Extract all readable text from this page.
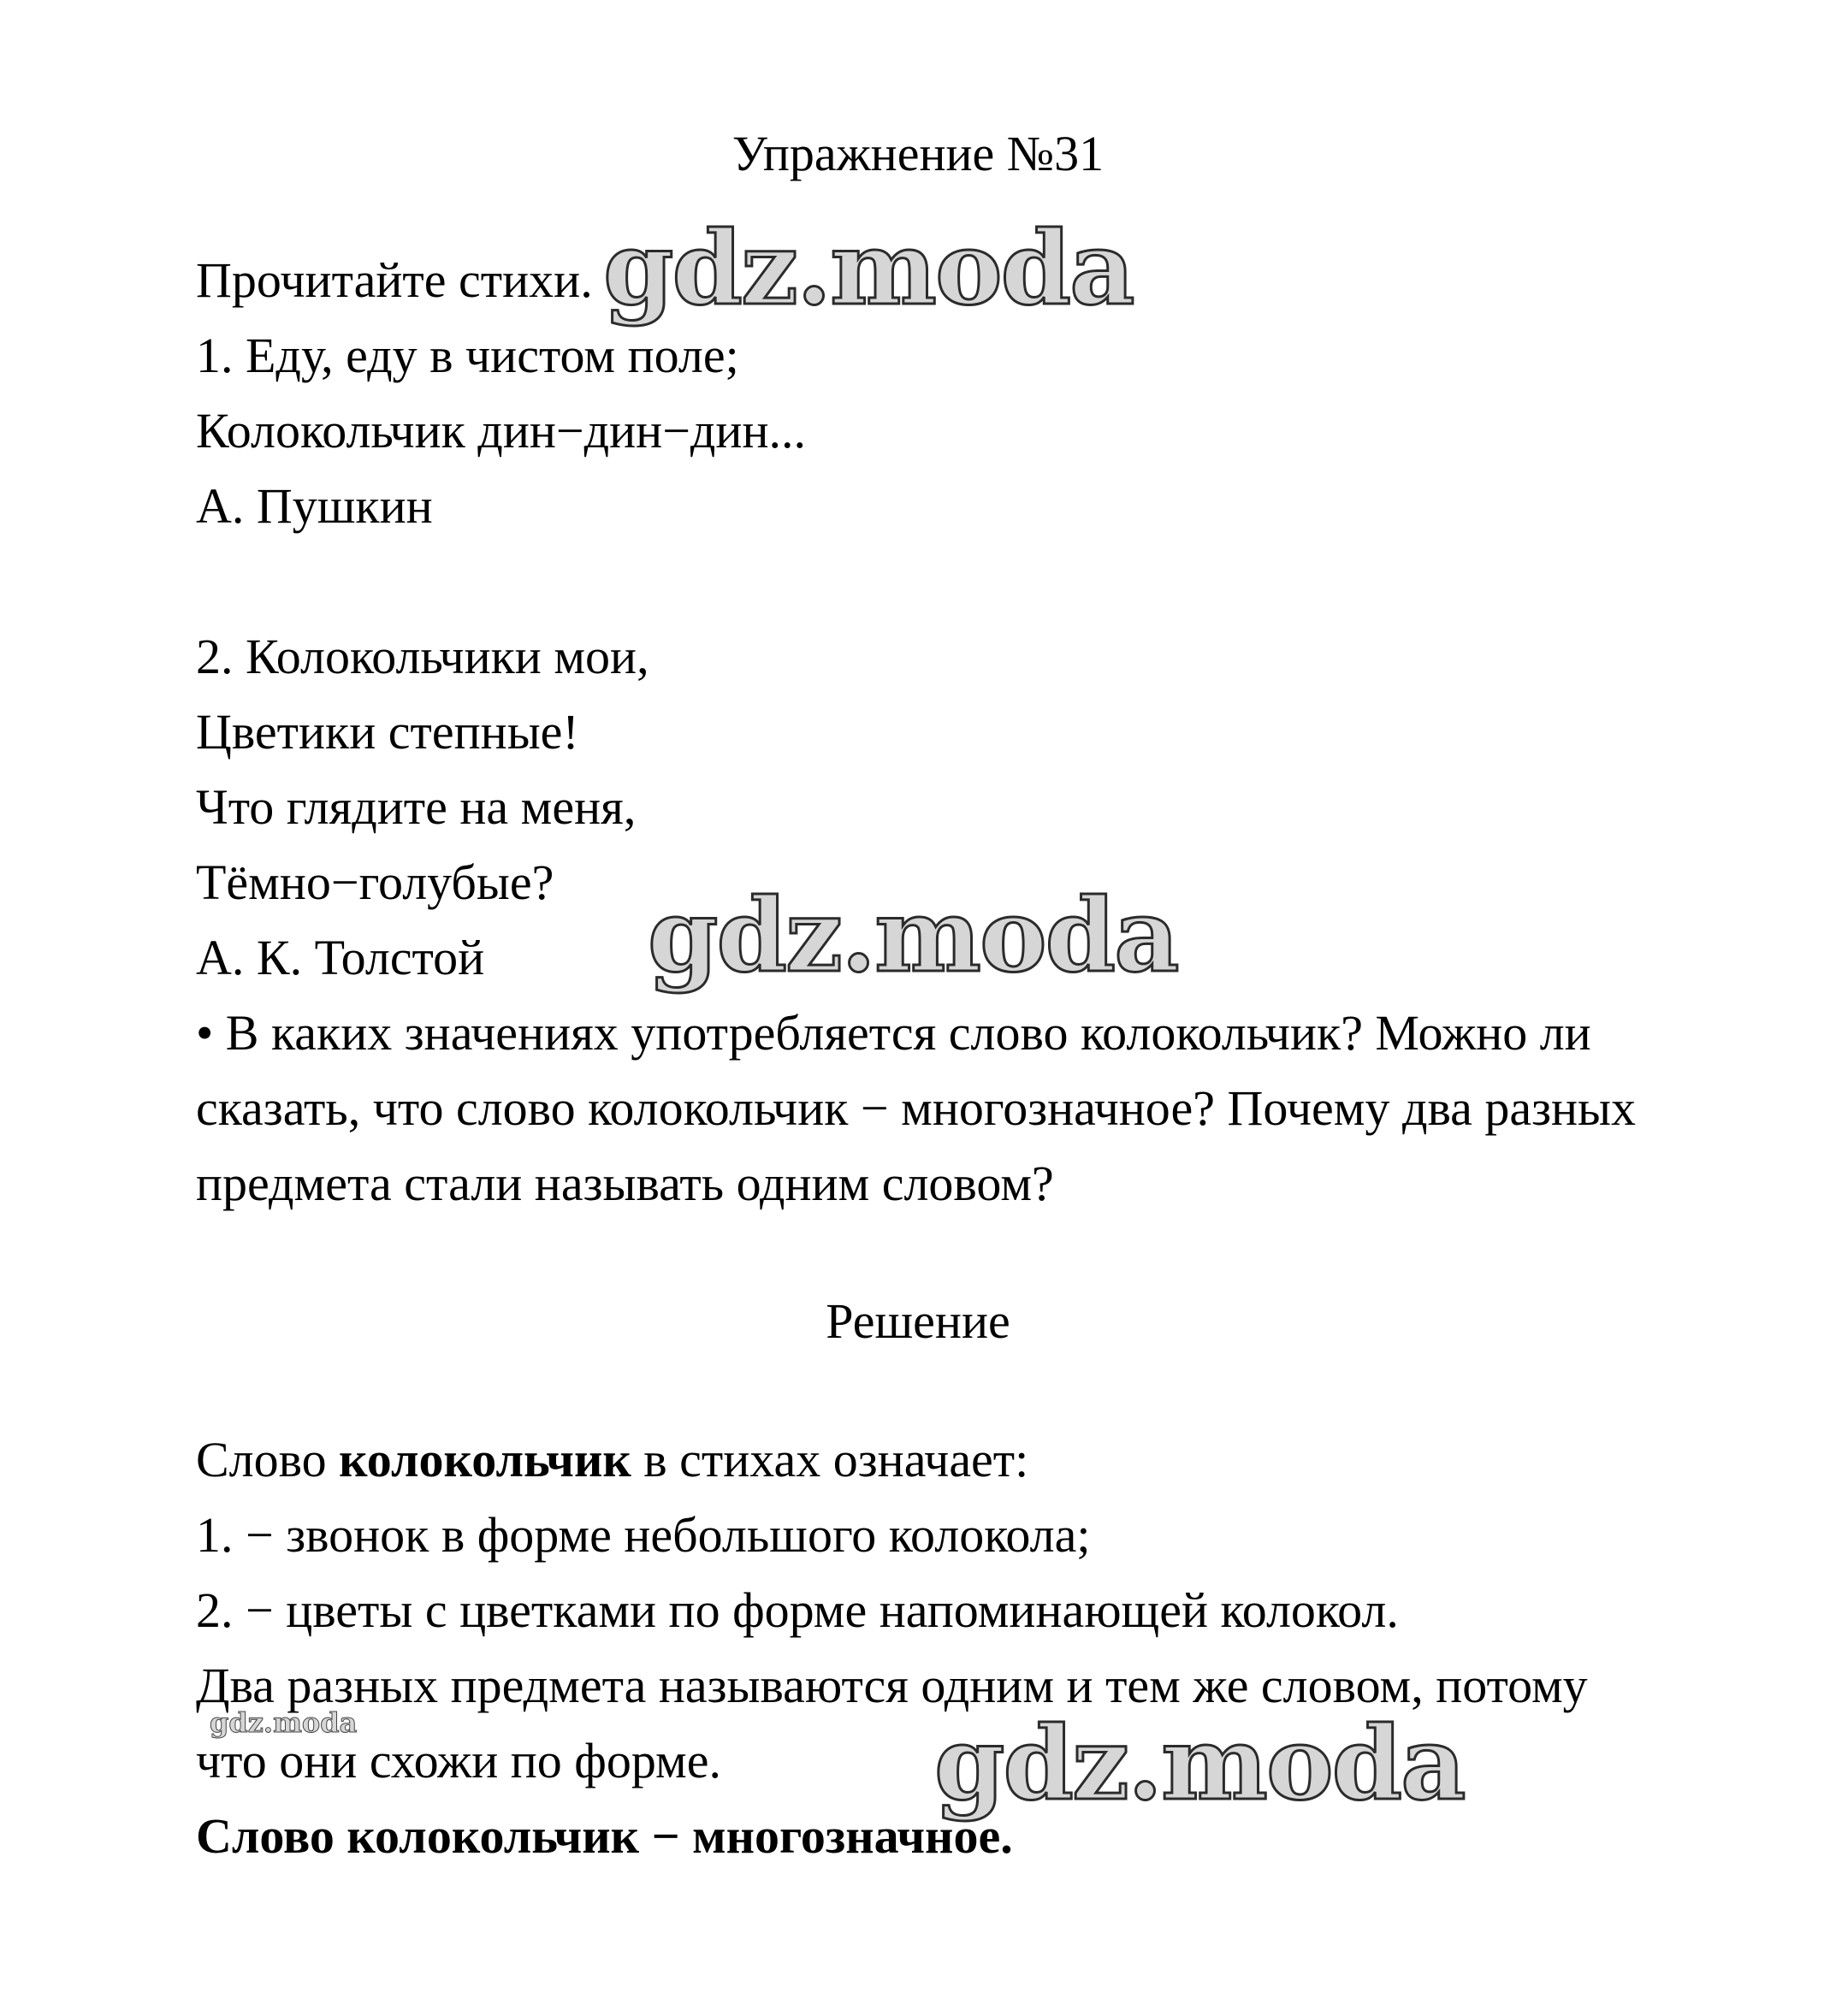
Упражнение №31

Прочитайте стихи.

1. Еду, еду в чистом поле;

Колокольчик дин−дин−дин...

А. Пушкин

2. Колокольчики мои,

Цветики степные!

Что глядите на меня,

Тёмно−голубые?

А. К. Толстой

• В каких значениях употребляется слово колокольчик? Можно ли

сказать, что слово колокольчик − многозначное? Почему два разных

предмета стали называть одним словом?

Решение

Слово колокольчик в стихах означает:

1. − звонок в форме небольшого колокола;

2. − цветы с цветками по форме напоминающей колокол.

Два разных предмета называются одним и тем же словом, потому

что они схожи по форме.

Слово колокольчик − многозначное.

gdz.moda

gdz.moda

gdz.moda

gdz.moda
